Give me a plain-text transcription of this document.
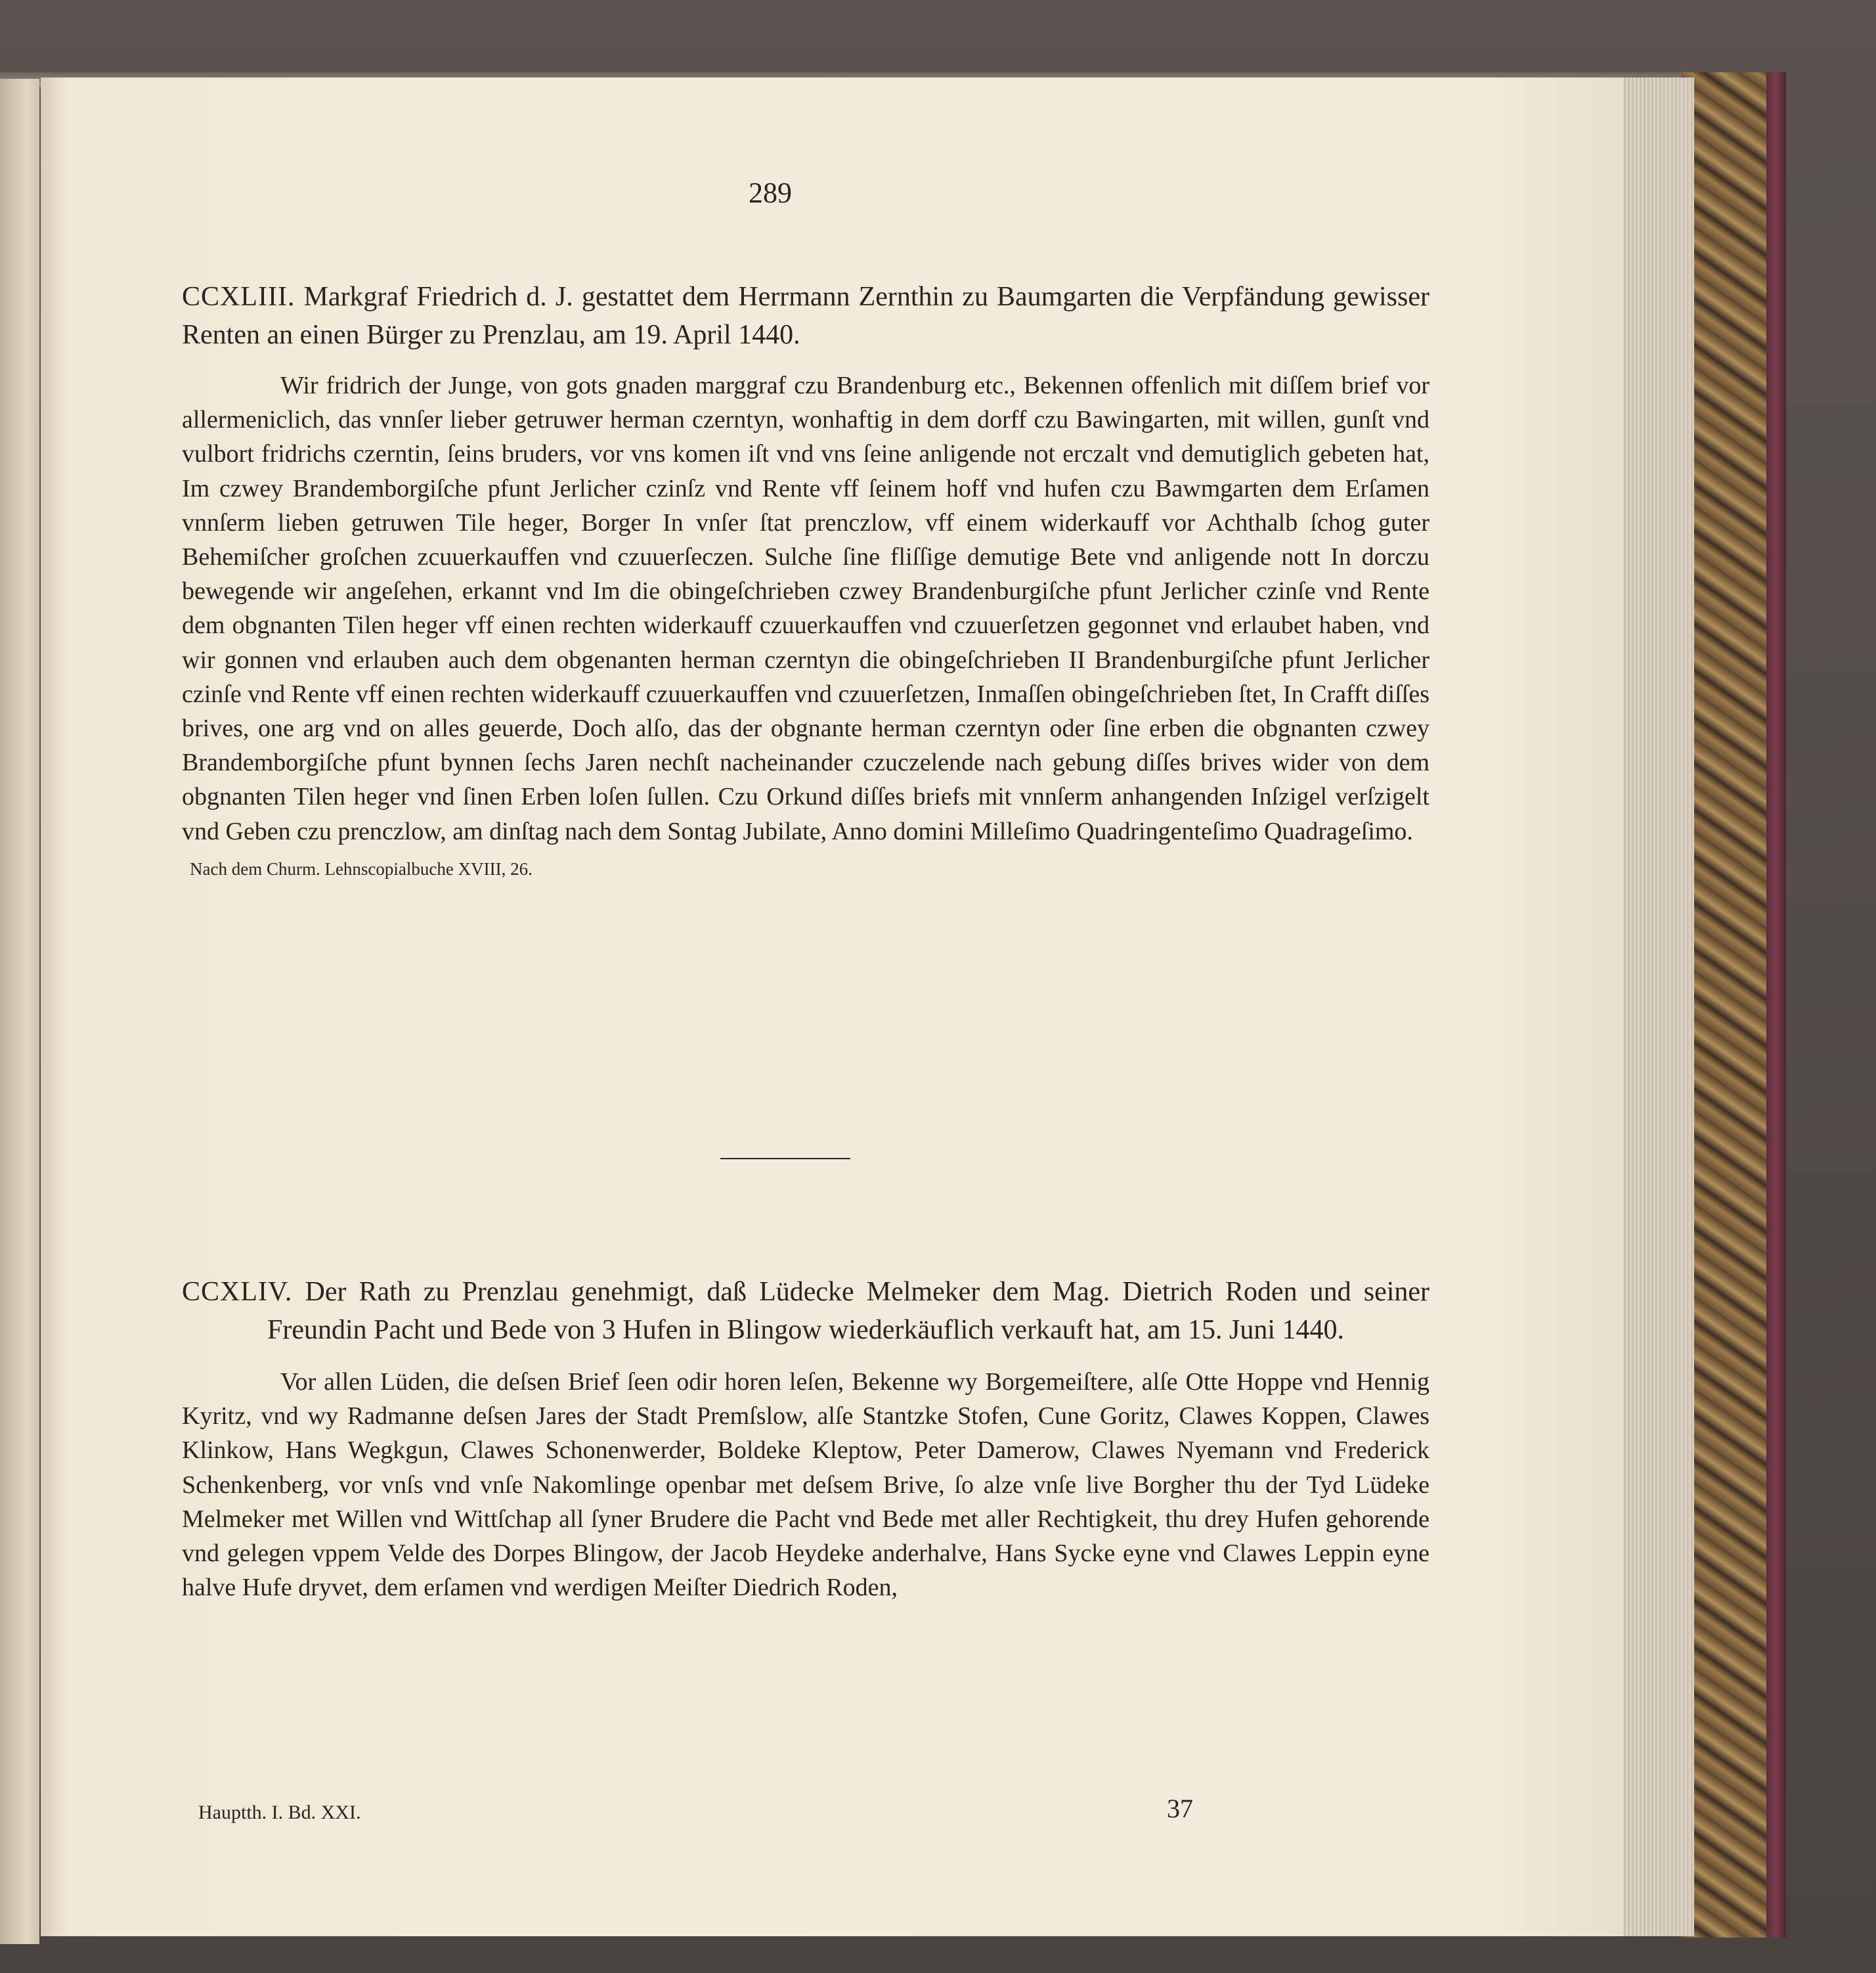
289
CCXLIII. Markgraf Friedrich d. J. gestattet dem Herrmann Zernthin zu Baumgarten die Verpfändung gewisser Renten an einen Bürger zu Prenzlau, am 19. April 1440.
Wir fridrich der Junge, von gots gnaden marggraf czu Brandenburg etc., Bekennen offenlich mit diſſem brief vor allermeniclich, das vnnſer lieber getruwer herman czerntyn, wonhaftig in dem dorff czu Bawingarten, mit willen, gunſt vnd vulbort fridrichs czerntin, ſeins bruders, vor vns komen iſt vnd vns ſeine anligende not erczalt vnd demutiglich gebeten hat, Im czwey Brandemborgiſche pfunt Jerlicher czinſz vnd Rente vff ſeinem hoff vnd hufen czu Bawmgarten dem Erſamen vnnſerm lieben getruwen Tile heger, Borger In vnſer ſtat prenczlow, vff einem widerkauff vor Achthalb ſchog guter Behemiſcher groſchen zcuuerkauffen vnd czuuerſeczen. Sulche ſine fliſſige demutige Bete vnd anligende nott In dorczu bewegende wir angeſehen, erkannt vnd Im die obingeſchrieben czwey Brandenburgiſche pfunt Jerlicher czinſe vnd Rente dem obgnanten Tilen heger vff einen rechten widerkauff czuuerkauffen vnd czuuerſetzen gegonnet vnd erlaubet haben, vnd wir gonnen vnd erlauben auch dem obgenanten herman czerntyn die obingeſchrieben II Brandenburgiſche pfunt Jerlicher czinſe vnd Rente vff einen rechten widerkauff czuuerkauffen vnd czuuerſetzen, Inmaſſen obingeſchrieben ſtet, In Crafft diſſes brives, one arg vnd on alles geuerde, Doch alſo, das der obgnante herman czerntyn oder ſine erben die obgnanten czwey Brandemborgiſche pfunt bynnen ſechs Jaren nechſt nacheinander czuczelende nach gebung diſſes brives wider von dem obgnanten Tilen heger vnd ſinen Erben loſen ſullen. Czu Orkund diſſes briefs mit vnnſerm anhangenden Inſzigel verſzigelt vnd Geben czu prenczlow, am dinſtag nach dem Sontag Jubilate, Anno domini Milleſimo Quadringenteſimo Quadrageſimo.
Nach dem Churm. Lehnscopialbuche XVIII, 26.
CCXLIV. Der Rath zu Prenzlau genehmigt, daß Lüdecke Melmeker dem Mag. Dietrich Roden und seiner Freundin Pacht und Bede von 3 Hufen in Blingow wiederkäuflich verkauft hat, am 15. Juni 1440.
Vor allen Lüden, die deſsen Brief ſeen odir horen leſen, Bekenne wy Borgemeiſtere, alſe Otte Hoppe vnd Hennig Kyritz, vnd wy Radmanne deſsen Jares der Stadt Premſslow, alſe Stantzke Stofen, Cune Goritz, Clawes Koppen, Clawes Klinkow, Hans Wegkgun, Clawes Schonenwerder, Boldeke Kleptow, Peter Damerow, Clawes Nyemann vnd Frederick Schenkenberg, vor vnſs vnd vnſe Nakomlinge openbar met deſsem Brive, ſo alze vnſe live Borgher thu der Tyd Lüdeke Melmeker met Willen vnd Wittſchap all ſyner Brudere die Pacht vnd Bede met aller Rechtigkeit, thu drey Hufen gehorende vnd gelegen vppem Velde des Dorpes Blingow, der Jacob Heydeke anderhalve, Hans Sycke eyne vnd Clawes Leppin eyne halve Hufe dryvet, dem erſamen vnd werdigen Meiſter Diedrich Roden,
Hauptth. I. Bd. XXI.	37
